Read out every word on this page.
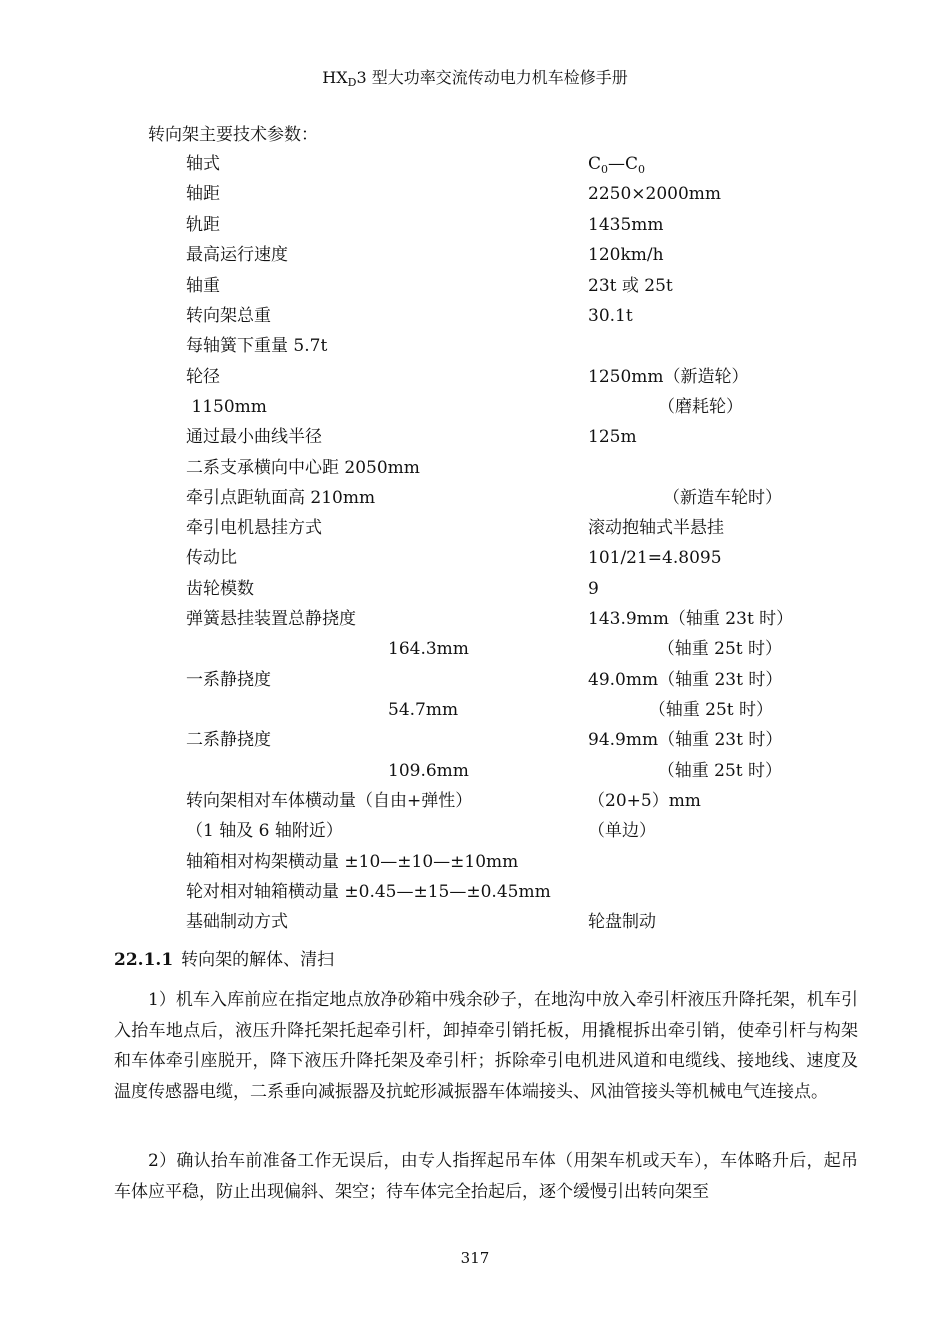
$HX_D3$ 型大功率交流传动电力机车检修手册
转向架主要技术参数：
轴式	$C_0—C_0$
轴距	2250×2000mm
轨距	1435mm
最高运行速度	120km/h
轴重	23t 或 25t
转向架总重	30.1t
每轴簧下重量 5.7t
轮径	1250mm（新造轮）
1150mm	（磨耗轮）
通过最小曲线半径	125m
二系支承横向中心距 2050mm
牵引点距轨面高 210mm	（新造车轮时）
牵引电机悬挂方式	滚动抱轴式半悬挂
传动比	101/21=4.8095
齿轮模数	9
弹簧悬挂装置总静挠度	143.9mm（轴重 23t 时）
164.3mm	（轴重 25t 时）
一系静挠度	49.0mm（轴重 23t 时）
54.7mm	（轴重 25t 时）
二系静挠度	94.9mm（轴重 23t 时）
109.6mm	（轴重 25t 时）
转向架相对车体横动量（自由+弹性）	（20+5）mm
（1 轴及 6 轴附近）	（单边）
轴箱相对构架横动量 ±10—±10—±10mm
轮对相对轴箱横动量 ±0.45—±15—±0.45mm
基础制动方式	轮盘制动
22.1.1 转向架的解体、清扫

1）机车入库前应在指定地点放净砂箱中残余砂子，在地沟中放入牵引杆液压升降托架，机车引入抬车地点后，液压升降托架托起牵引杆，卸掉牵引销托板，用撬棍拆出牵引销，使牵引杆与构架和车体牵引座脱开，降下液压升降托架及牵引杆；拆除牵引电机进风道和电缆线、接地线、速度及温度传感器电缆，二系垂向减振器及抗蛇形减振器车体端接头、风油管接头等机械电气连接点。

2）确认抬车前准备工作无误后，由专人指挥起吊车体（用架车机或天车），车体略升后，起吊车体应平稳，防止出现偏斜、架空；待车体完全抬起后，逐个缓慢引出转向架至

317
